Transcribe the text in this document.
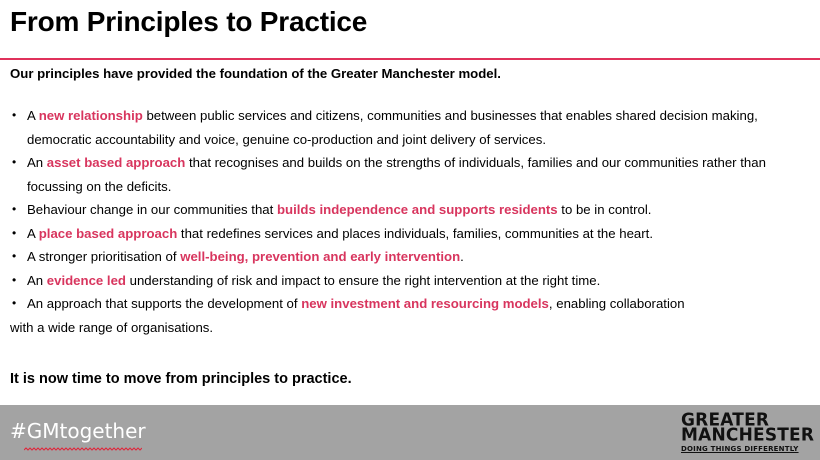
From Principles to Practice
Our principles have provided the foundation of the Greater Manchester model.
• A new relationship between public services and citizens, communities and businesses that enables shared decision making, democratic accountability and voice, genuine co-production and joint delivery of services.
• An asset based approach that recognises and builds on the strengths of individuals, families and our communities rather than focussing on the deficits.
• Behaviour change in our communities that builds independence and supports residents to be in control.
• A place based approach that redefines services and places individuals, families, communities at the heart.
• A stronger prioritisation of well-being, prevention and early intervention.
• An evidence led understanding of risk and impact to ensure the right intervention at the right time.
• An approach that supports the development of new investment and resourcing models, enabling collaboration
with a wide range of organisations.
It is now time to move from principles to practice.
#GMtogether	GREATER
MANCHESTER
DOING THINGS DIFFERENTLY
